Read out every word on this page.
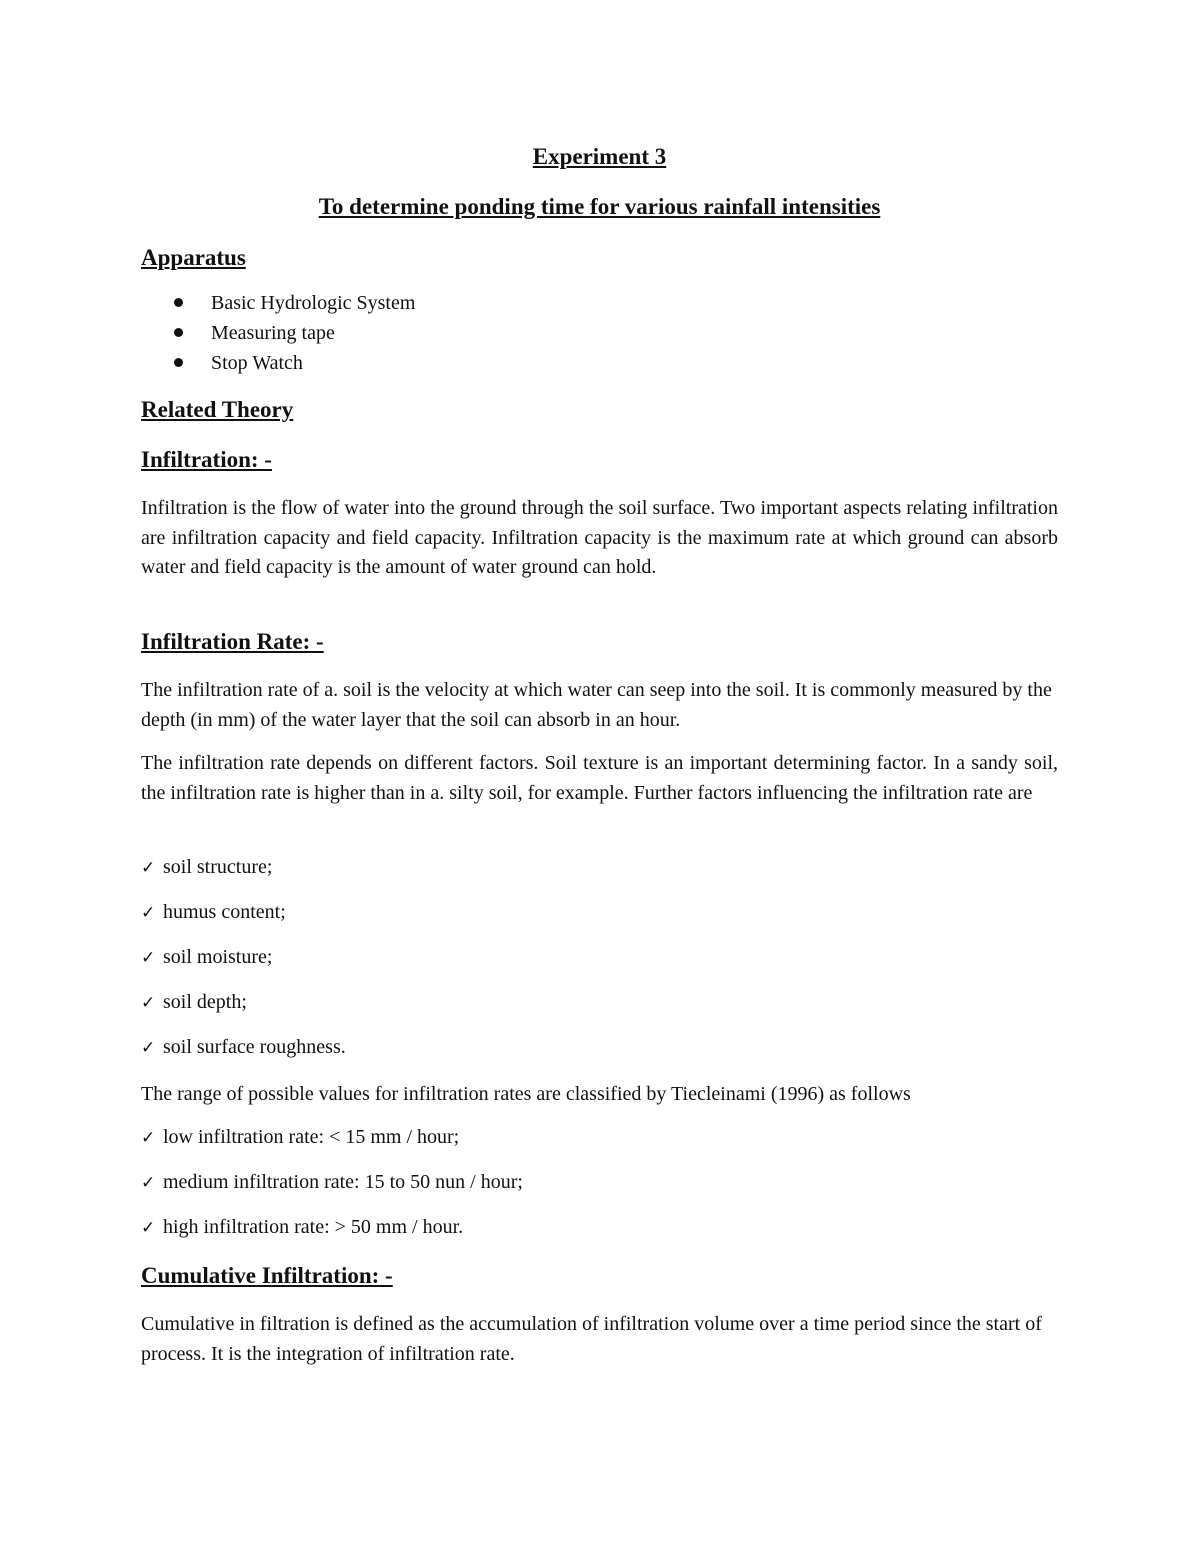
Experiment 3
To determine ponding time for various rainfall intensities
Apparatus
Basic Hydrologic System
Measuring tape
Stop Watch
Related Theory
Infiltration: -
Infiltration is the flow of water into the ground through the soil surface. Two important aspects relating infiltration are infiltration capacity and field capacity. Infiltration capacity is the maximum rate at which ground can absorb water and field capacity is the amount of water ground can hold.
Infiltration Rate: -
The infiltration rate of a. soil is the velocity at which water can seep into the soil. It is commonly measured by the depth (in mm) of the water layer that the soil can absorb in an hour.
The infiltration rate depends on different factors. Soil texture is an important determining factor. In a sandy soil, the infiltration rate is higher than in a. silty soil, for example. Further factors influencing the infiltration rate are
✓ soil structure;
✓ humus content;
✓ soil moisture;
✓ soil depth;
✓ soil surface roughness.
The range of possible values for infiltration rates are classified by Tiecleinami (1996) as follows
✓ low infiltration rate: < 15 mm / hour;
✓ medium infiltration rate: 15 to 50 nun / hour;
✓ high infiltration rate: > 50 mm / hour.
Cumulative Infiltration: -
Cumulative in filtration is defined as the accumulation of infiltration volume over a time period since the start of process. It is the integration of infiltration rate.
